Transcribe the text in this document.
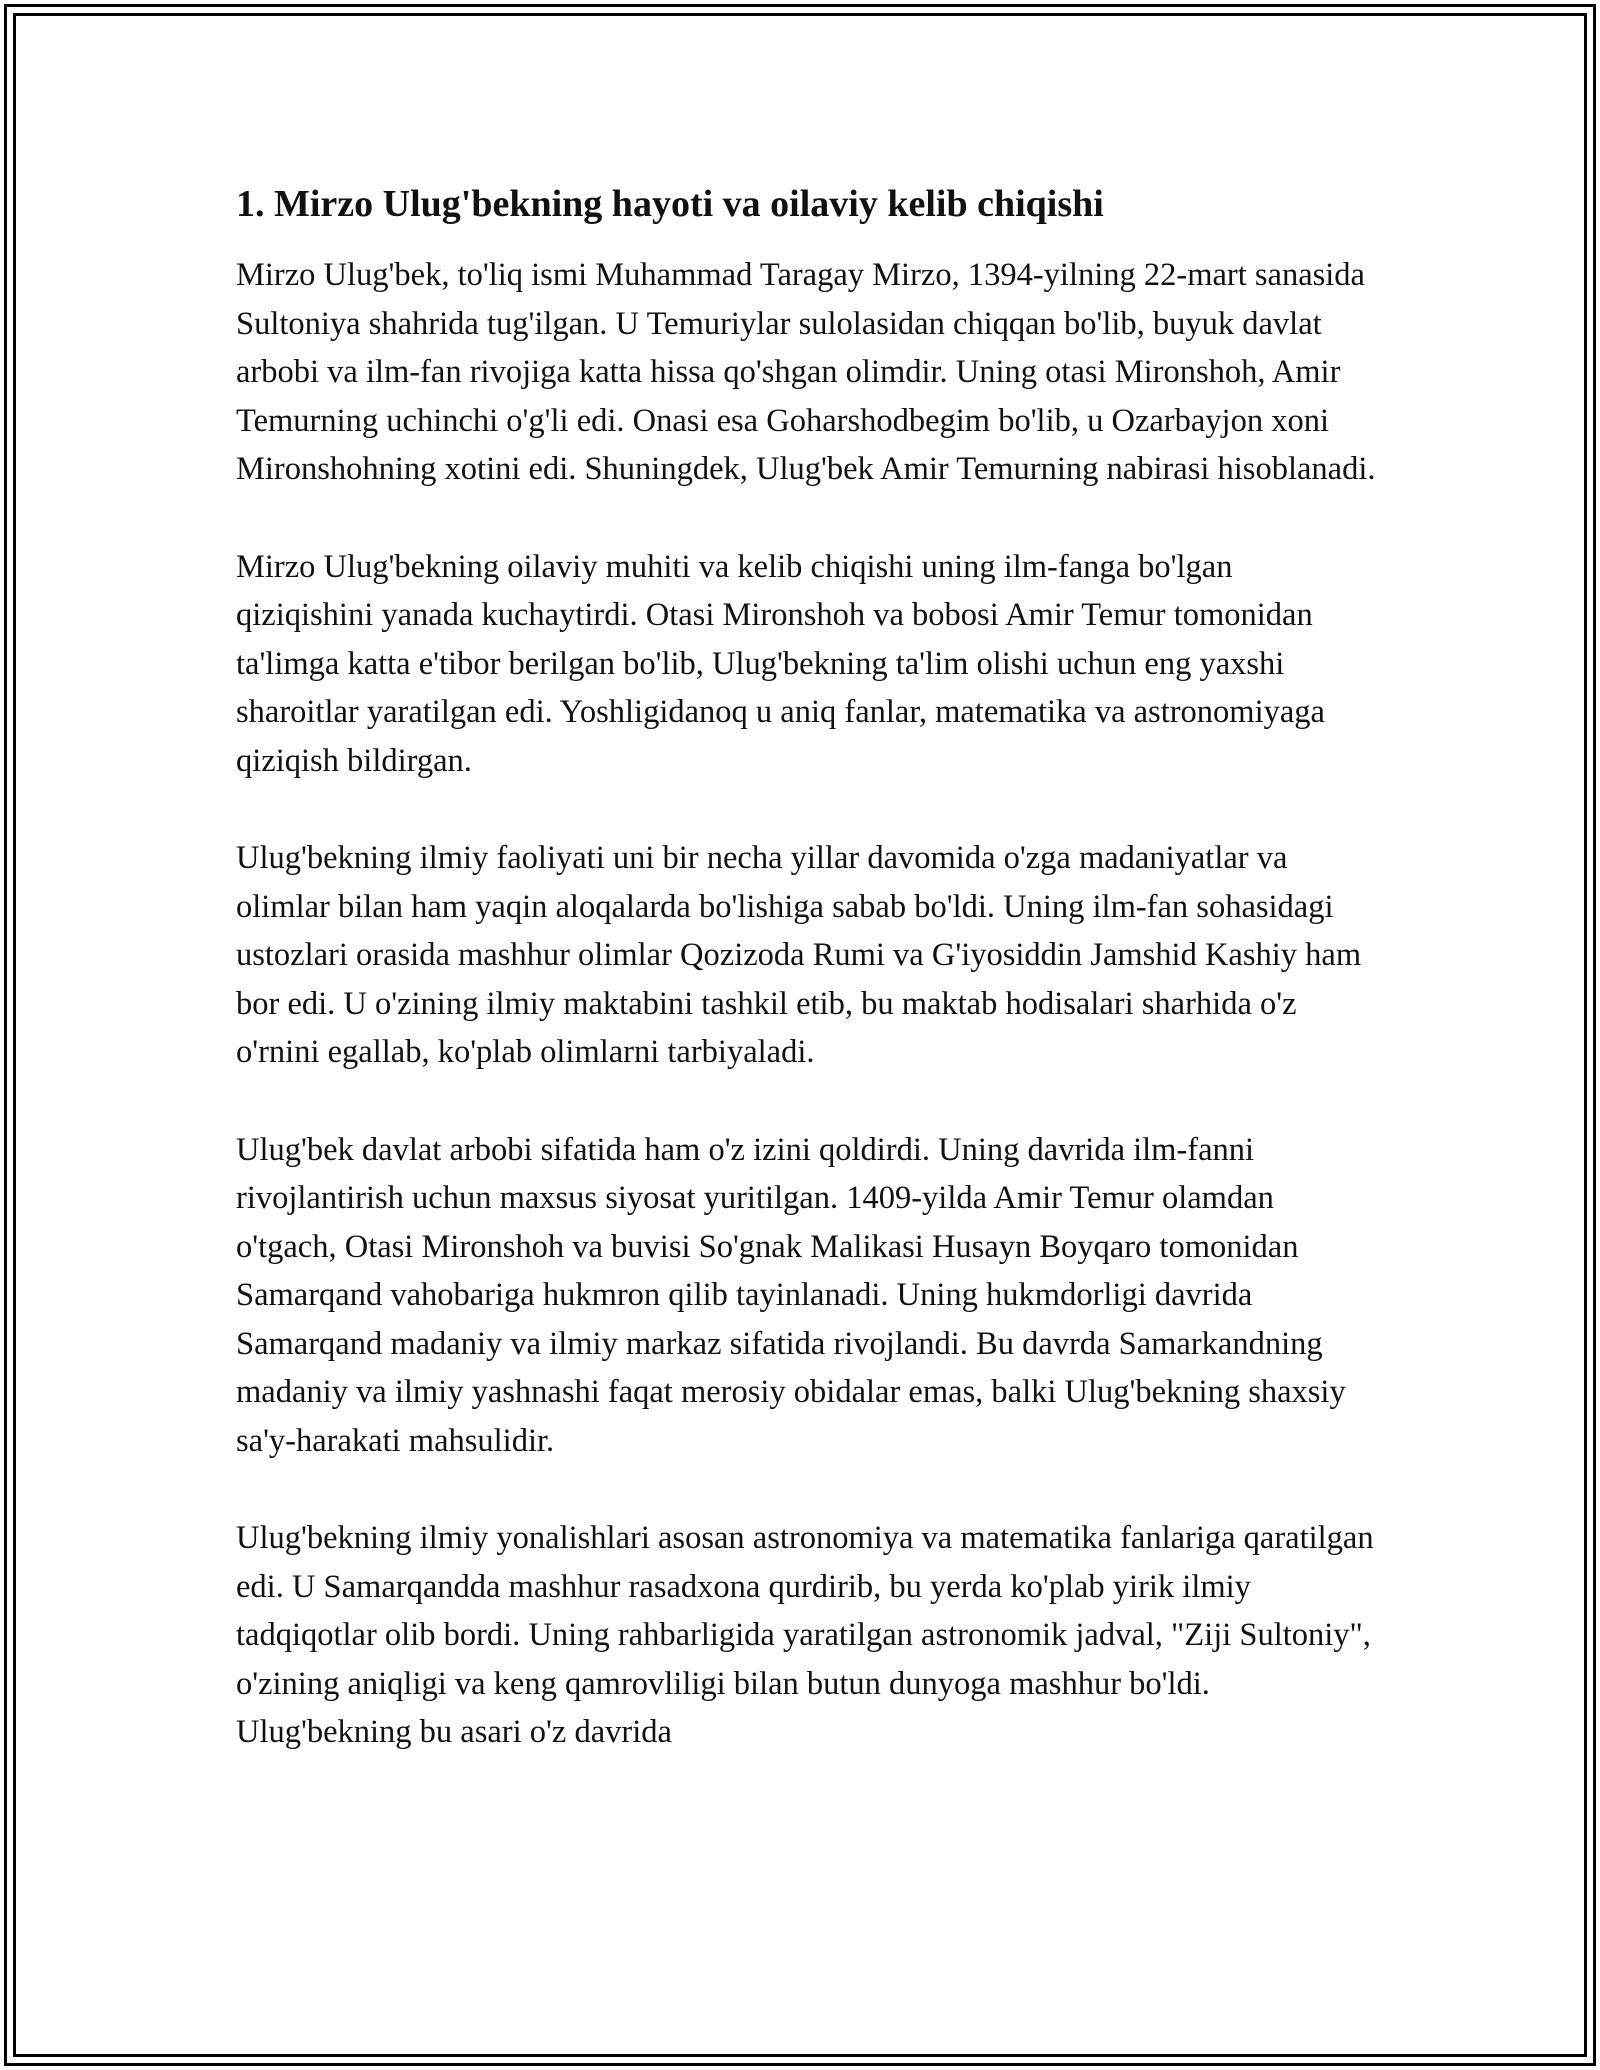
1. Mirzo Ulug'bekning hayoti va oilaviy kelib chiqishi

Mirzo Ulug'bek, to'liq ismi Muhammad Taragay Mirzo, 1394-yilning 22-mart sanasida Sultoniya shahrida tug'ilgan. U Temuriylar sulolasidan chiqqan bo'lib, buyuk davlat arbobi va ilm-fan rivojiga katta hissa qo'shgan olimdir. Uning otasi Mironshoh, Amir Temurning uchinchi o'g'li edi. Onasi esa Goharshodbegim bo'lib, u Ozarbayjon xoni Mironshohning xotini edi. Shuningdek, Ulug'bek Amir Temurning nabirasi hisoblanadi.

Mirzo Ulug'bekning oilaviy muhiti va kelib chiqishi uning ilm-fanga bo'lgan qiziqishini yanada kuchaytirdi. Otasi Mironshoh va bobosi Amir Temur tomonidan ta'limga katta e'tibor berilgan bo'lib, Ulug'bekning ta'lim olishi uchun eng yaxshi sharoitlar yaratilgan edi. Yoshligidanoq u aniq fanlar, matematika va astronomiyaga qiziqish bildirgan.

Ulug'bekning ilmiy faoliyati uni bir necha yillar davomida o'zga madaniyatlar va olimlar bilan ham yaqin aloqalarda bo'lishiga sabab bo'ldi. Uning ilm-fan sohasidagi ustozlari orasida mashhur olimlar Qozizoda Rumi va G'iyosiddin Jamshid Kashiy ham bor edi. U o'zining ilmiy maktabini tashkil etib, bu maktab hodisalari sharhida o'z o'rnini egallab, ko'plab olimlarni tarbiyaladi.

Ulug'bek davlat arbobi sifatida ham o'z izini qoldirdi. Uning davrida ilm-fanni rivojlantirish uchun maxsus siyosat yuritilgan. 1409-yilda Amir Temur olamdan o'tgach, Otasi Mironshoh va buvisi So'gnak Malikasi Husayn Boyqaro tomonidan Samarqand vahobariga hukmron qilib tayinlanadi. Uning hukmdorligi davrida Samarqand madaniy va ilmiy markaz sifatida rivojlandi. Bu davrda Samarkandning madaniy va ilmiy yashnashi faqat merosiy obidalar emas, balki Ulug'bekning shaxsiy sa'y-harakati mahsulidir.

Ulug'bekning ilmiy yonalishlari asosan astronomiya va matematika fanlariga qaratilgan edi. U Samarqandda mashhur rasadxona qurdirib, bu yerda ko'plab yirik ilmiy tadqiqotlar olib bordi. Uning rahbarligida yaratilgan astronomik jadval, "Ziji Sultoniy", o'zining aniqligi va keng qamrovliligi bilan butun dunyoga mashhur bo'ldi. Ulug'bekning bu asari o'z davrida
